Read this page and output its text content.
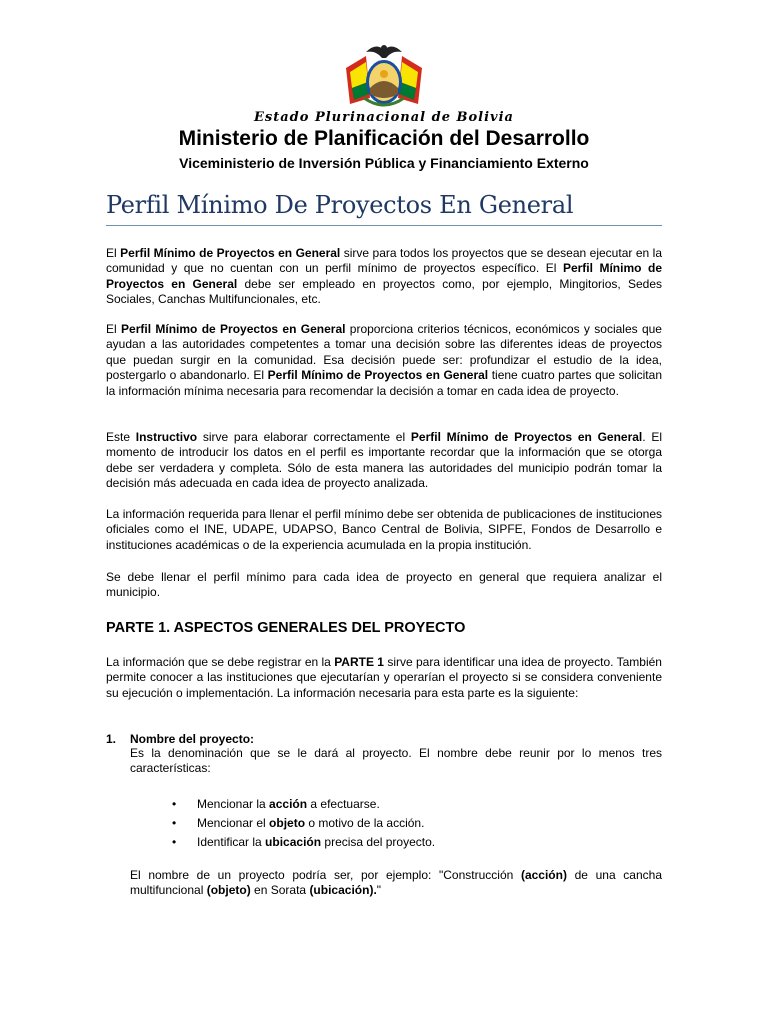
Estado Plurinacional de Bolivia
Ministerio de Planificación del Desarrollo
Viceministerio de Inversión Pública y Financiamiento Externo
Perfil Mínimo De Proyectos En General
El Perfil Mínimo de Proyectos en General sirve para todos los proyectos que se desean ejecutar en la comunidad y que no cuentan con un perfil mínimo de proyectos específico. El Perfil Mínimo de Proyectos en General debe ser empleado en proyectos como, por ejemplo, Mingitorios, Sedes Sociales, Canchas Multifuncionales, etc.
El Perfil Mínimo de Proyectos en General proporciona criterios técnicos, económicos y sociales que ayudan a las autoridades competentes a tomar una decisión sobre las diferentes ideas de proyectos que puedan surgir en la comunidad. Esa decisión puede ser: profundizar el estudio de la idea, postergarlo o abandonarlo. El Perfil Mínimo de Proyectos en General tiene cuatro partes que solicitan la información mínima necesaria para recomendar la decisión a tomar en cada idea de proyecto.
Este Instructivo sirve para elaborar correctamente el Perfil Mínimo de Proyectos en General. El momento de introducir los datos en el perfil es importante recordar que la información que se otorga debe ser verdadera y completa. Sólo de esta manera las autoridades del municipio podrán tomar la decisión más adecuada en cada idea de proyecto analizada.
La información requerida para llenar el perfil mínimo debe ser obtenida de publicaciones de instituciones oficiales como el INE, UDAPE, UDAPSO, Banco Central de Bolivia, SIPFE, Fondos de Desarrollo e instituciones académicas o de la experiencia acumulada en la propia institución.
Se debe llenar el perfil mínimo para cada idea de proyecto en general que requiera analizar el municipio.
PARTE 1. ASPECTOS GENERALES DEL PROYECTO
La información que se debe registrar en la PARTE 1 sirve para identificar una idea de proyecto. También permite conocer a las instituciones que ejecutarían y operarían el proyecto si se considera conveniente su ejecución o implementación. La información necesaria para esta parte es la siguiente:
1. Nombre del proyecto:
Es la denominación que se le dará al proyecto. El nombre debe reunir por lo menos tres características:
• Mencionar la acción a efectuarse.
• Mencionar el objeto o motivo de la acción.
• Identificar la ubicación precisa del proyecto.
El nombre de un proyecto podría ser, por ejemplo: "Construcción (acción) de una cancha multifuncional (objeto) en Sorata (ubicación)."
